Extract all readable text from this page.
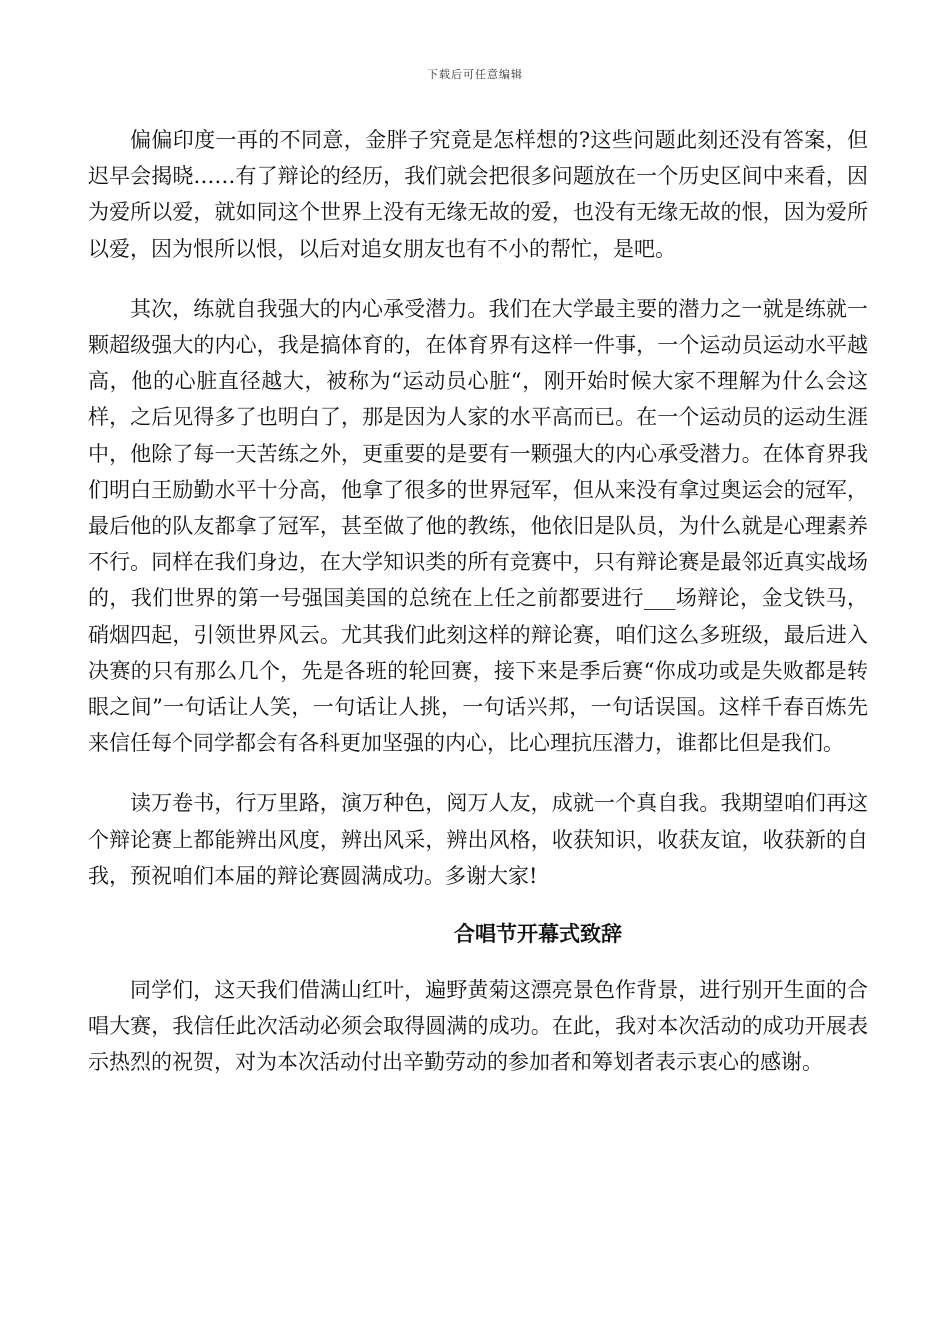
下载后可任意编辑

偏偏印度一再的不同意，金胖子究竟是怎样想的?这些问题此刻还没有答案，但迟早会揭晓……有了辩论的经历，我们就会把很多问题放在一个历史区间中来看，因为爱所以爱，就如同这个世界上没有无缘无故的爱，也没有无缘无故的恨，因为爱所以爱，因为恨所以恨，以后对追女朋友也有不小的帮忙，是吧。

其次，练就自我强大的内心承受潜力。我们在大学最主要的潜力之一就是练就一颗超级强大的内心，我是搞体育的，在体育界有这样一件事，一个运动员运动水平越高，他的心脏直径越大，被称为“运动员心脏“，刚开始时候大家不理解为什么会这样，之后见得多了也明白了，那是因为人家的水平高而已。在一个运动员的运动生涯中，他除了每一天苦练之外，更重要的是要有一颗强大的内心承受潜力。在体育界我们明白王励勤水平十分高，他拿了很多的世界冠军，但从来没有拿过奥运会的冠军，最后他的队友都拿了冠军，甚至做了他的教练，他依旧是队员，为什么就是心理素养不行。同样在我们身边，在大学知识类的所有竞赛中，只有辩论赛是最邻近真实战场的，我们世界的第一号强国美国的总统在上任之前都要进行___场辩论，金戈铁马，硝烟四起，引领世界风云。尤其我们此刻这样的辩论赛，咱们这么多班级，最后进入决赛的只有那么几个，先是各班的轮回赛，接下来是季后赛“你成功或是失败都是转眼之间”一句话让人笑，一句话让人挑，一句话兴邦，一句话误国。这样千春百炼先来信任每个同学都会有各科更加坚强的内心，比心理抗压潜力，谁都比但是我们。

读万卷书，行万里路，演万种色，阅万人友，成就一个真自我。我期望咱们再这个辩论赛上都能辨出风度，辨出风采，辨出风格，收获知识，收获友谊，收获新的自我，预祝咱们本届的辩论赛圆满成功。多谢大家!

合唱节开幕式致辞

同学们，这天我们借满山红叶，遍野黄菊这漂亮景色作背景，进行别开生面的合唱大赛，我信任此次活动必须会取得圆满的成功。在此，我对本次活动的成功开展表示热烈的祝贺，对为本次活动付出辛勤劳动的参加者和筹划者表示衷心的感谢。
